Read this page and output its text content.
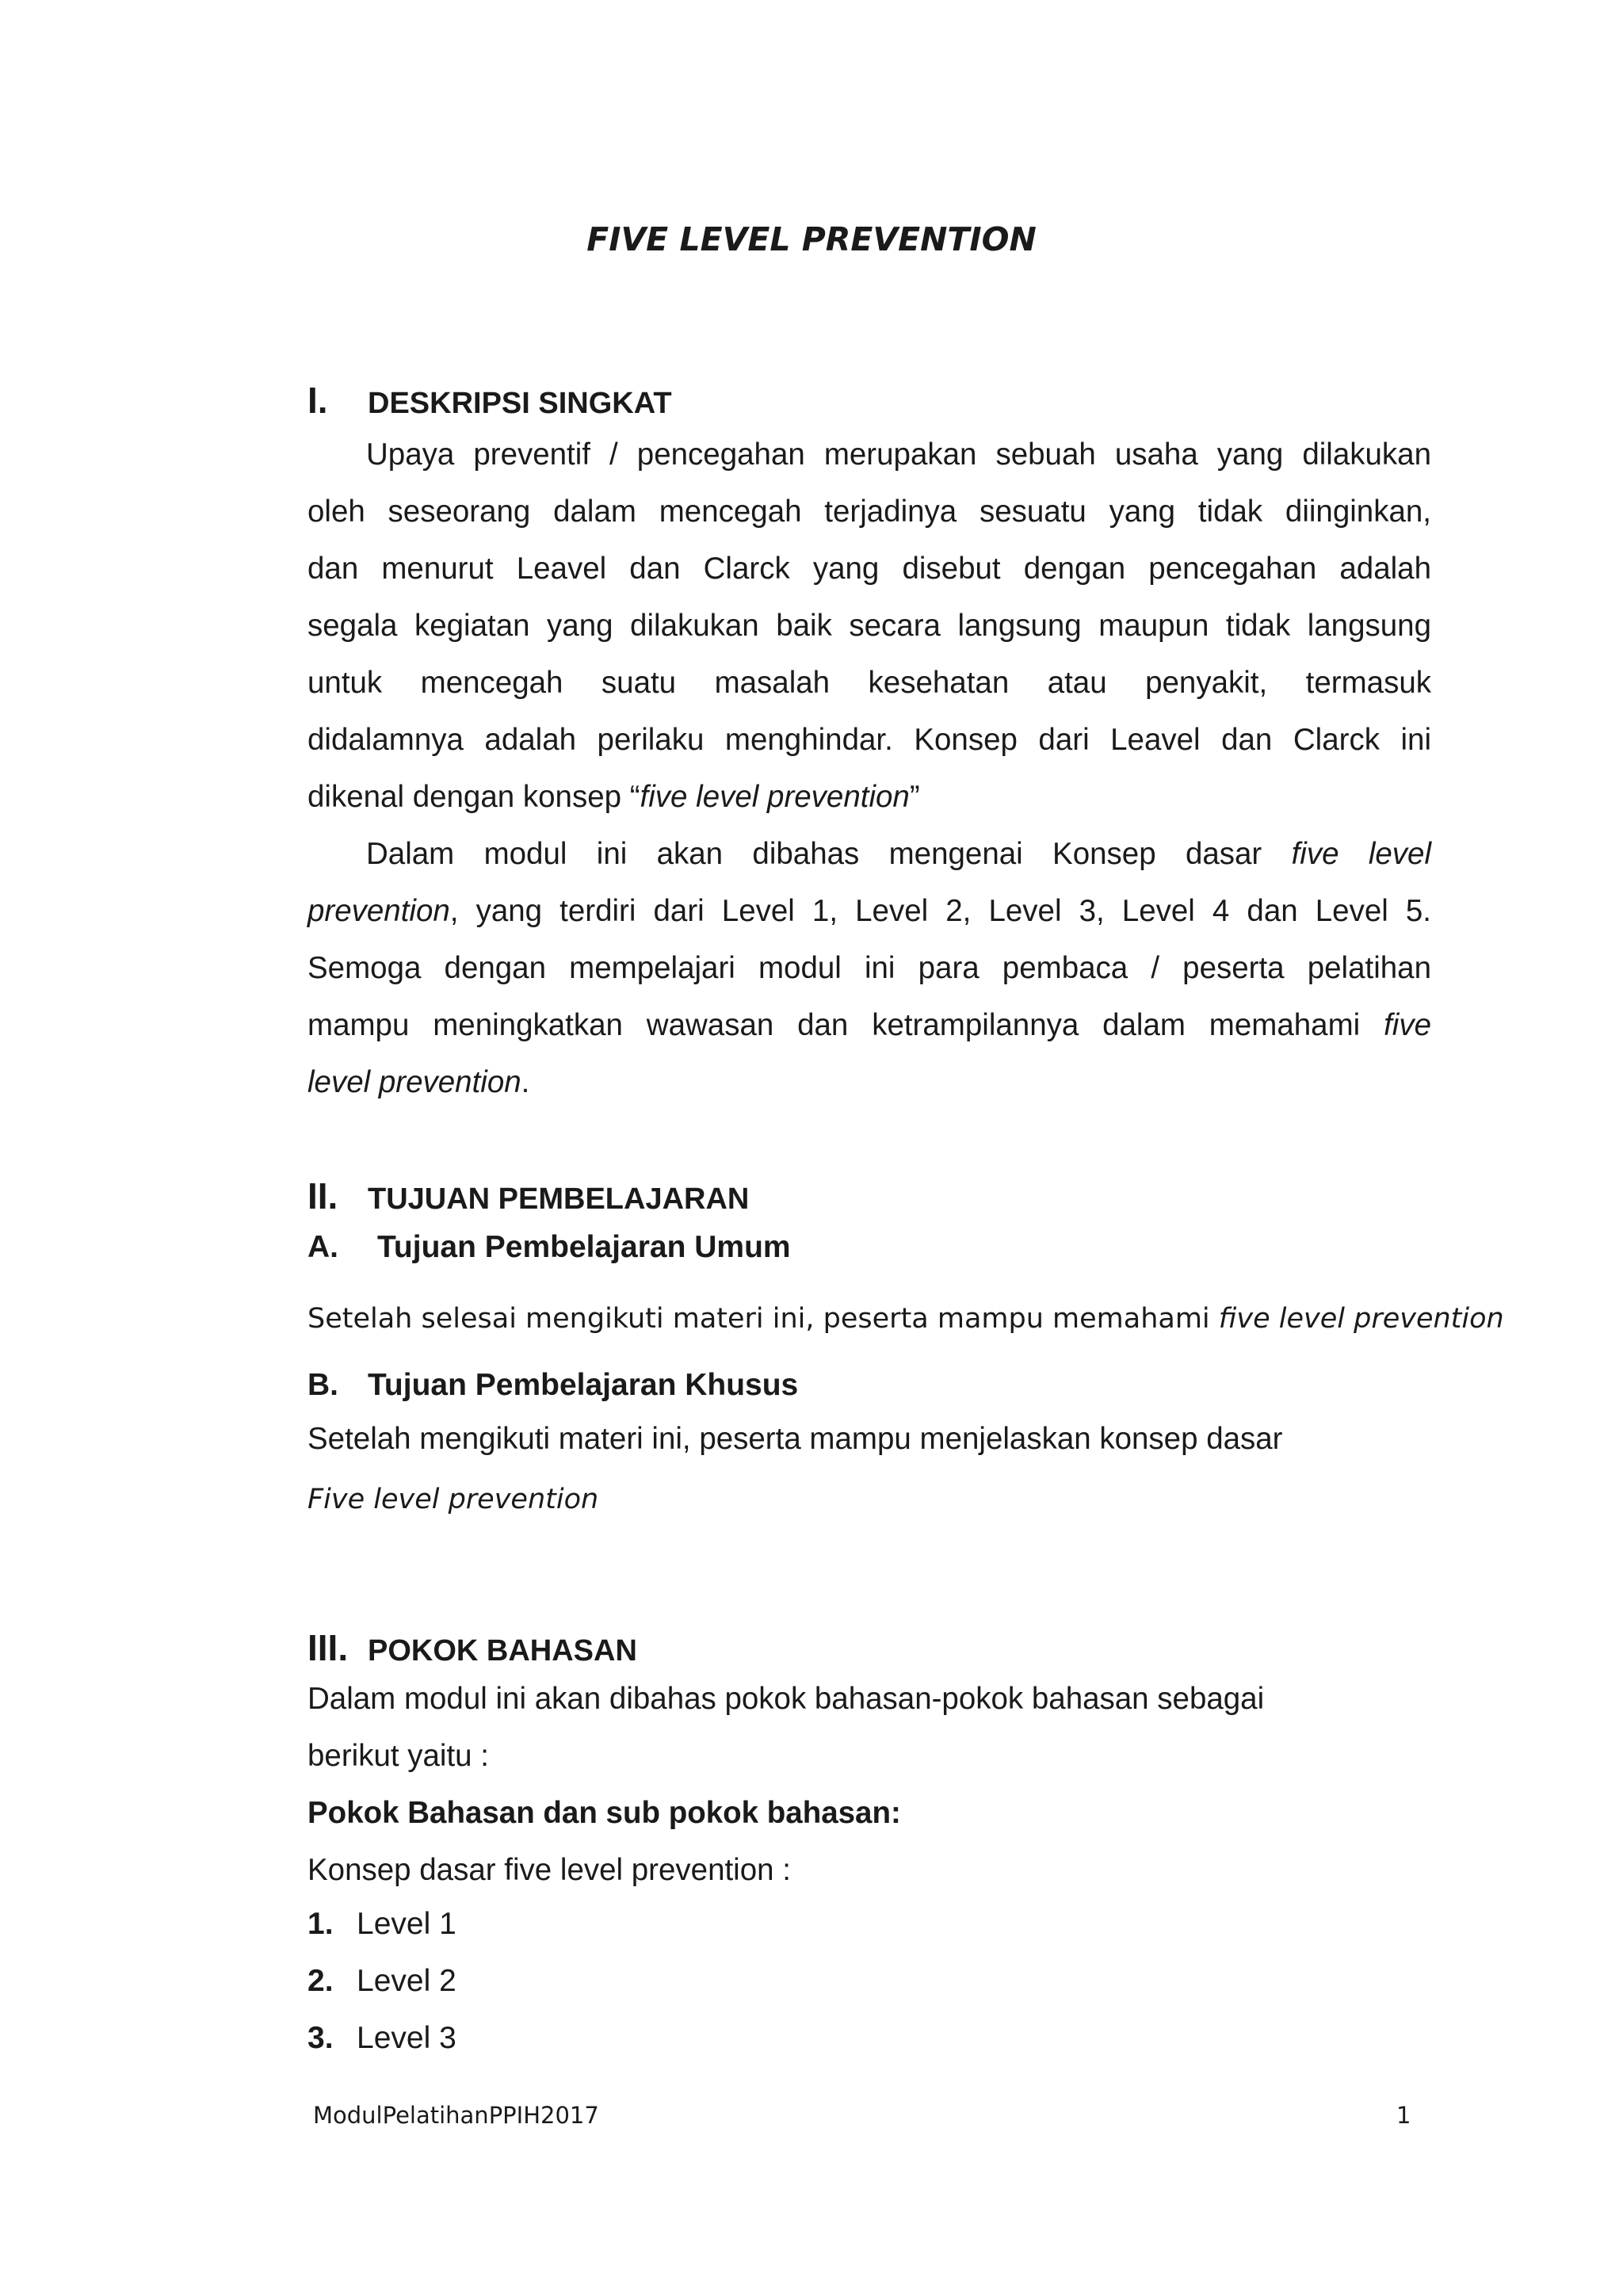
FIVE LEVEL PREVENTION
I. DESKRIPSI SINGKAT
Upaya preventif / pencegahan merupakan sebuah usaha yang dilakukan
oleh seseorang dalam mencegah terjadinya sesuatu yang tidak diinginkan,
dan menurut Leavel dan Clarck yang disebut dengan pencegahan adalah
segala kegiatan yang dilakukan baik secara langsung maupun tidak langsung
untuk mencegah suatu masalah kesehatan atau penyakit, termasuk
didalamnya adalah perilaku menghindar. Konsep dari Leavel dan Clarck ini
dikenal dengan konsep “five level prevention”
Dalam modul ini akan dibahas mengenai Konsep dasar five level
prevention, yang terdiri dari Level 1, Level 2, Level 3, Level 4 dan Level 5.
Semoga dengan mempelajari modul ini para pembaca / peserta pelatihan
mampu meningkatkan wawasan dan ketrampilannya dalam memahami five
level prevention.
II. TUJUAN PEMBELAJARAN
A. Tujuan Pembelajaran Umum
Setelah selesai mengikuti materi ini, peserta mampu memahami five level prevention
B. Tujuan Pembelajaran Khusus
Setelah mengikuti materi ini, peserta mampu menjelaskan konsep dasar
Five level prevention
III. POKOK BAHASAN
Dalam modul ini akan dibahas pokok bahasan-pokok bahasan sebagai
berikut yaitu :
Pokok Bahasan dan sub pokok bahasan:
Konsep dasar five level prevention :
1. Level 1
2. Level 2
3. Level 3
ModulPelatihanPPIH2017	1
